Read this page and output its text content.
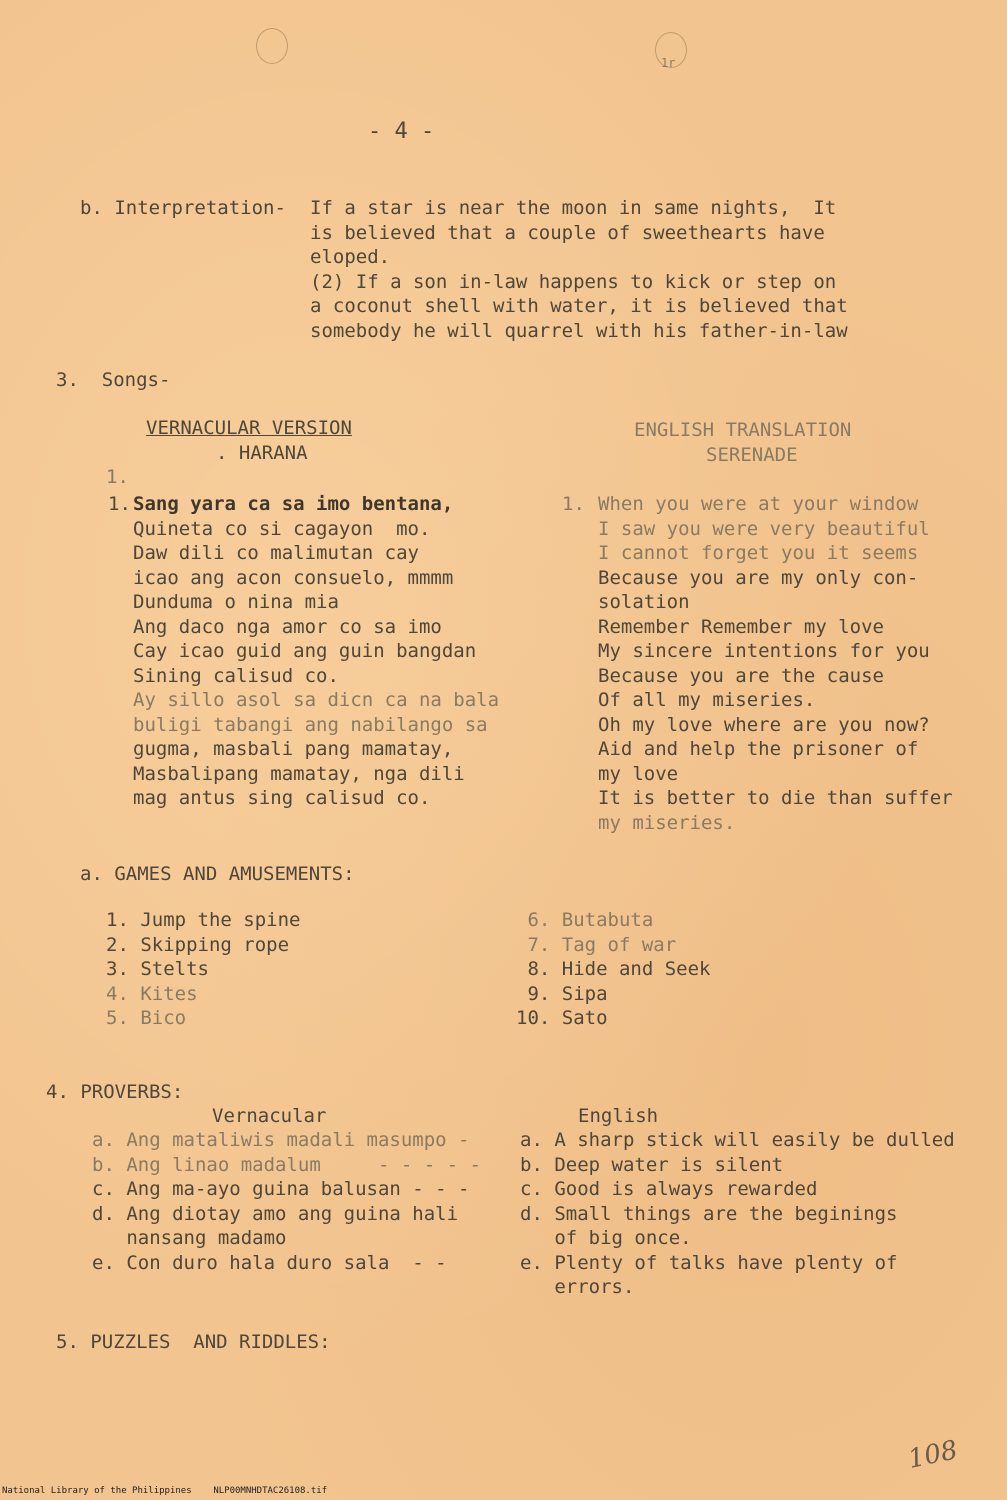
1r
- 4 -
b. Interpretation- If a star is near the moon in same nights,  It
is believed that a couple of sweethearts have
eloped.
(2) If a son in-law happens to kick or step on
a coconut shell with water, it is believed that
somebody he will quarrel with his father-in-law
3.  Songs-
VERNACULAR VERSION
. HARANA
1.
ENGLISH TRANSLATION
SERENADE
1. Sang yara ca sa imo bentana,
Quineta co si cagayon  mo.
Daw dili co malimutan cay
icao ang acon consuelo, mmmm
Dunduma o nina mia
Ang daco nga amor co sa imo
Cay icao guid ang guin bangdan
Sining calisud co.
Ay sillo asol sa dicn ca na bala
buligi tabangi ang nabilango sa
gugma, masbali pang mamatay,
Masbalipang mamatay, nga dili
mag antus sing calisud co.
1. When you were at your window
I saw you were very beautiful
I cannot forget you it seems
Because you are my only con-
solation
Remember Remember my love
My sincere intentions for you
Because you are the cause
Of all my miseries.
Oh my love where are you now?
Aid and help the prisoner of
my love
It is better to die than suffer
my miseries.
a. GAMES AND AMUSEMENTS:
1. Jump the spine
2. Skipping rope
3. Stelts
4. Kites
5. Bico
6. Butabuta
7. Tag of war
8. Hide and Seek
9. Sipa
10. Sato
4. PROVERBS:
Vernacular	English
a. Ang mataliwis madali masumpo -
b. Ang linao madalum     - - - - -
c. Ang ma-ayo guina balusan - - -
d. Ang diotay amo ang guina hali
nansang madamo
e. Con duro hala duro sala  - -
a. A sharp stick will easily be dulled
b. Deep water is silent
c. Good is always rewarded
d. Small things are the beginings
of big once.
e. Plenty of talks have plenty of
errors.
5. PUZZLES  AND RIDDLES:
108
National Library of the Philippines    NLP00MNHDTAC26108.tif
